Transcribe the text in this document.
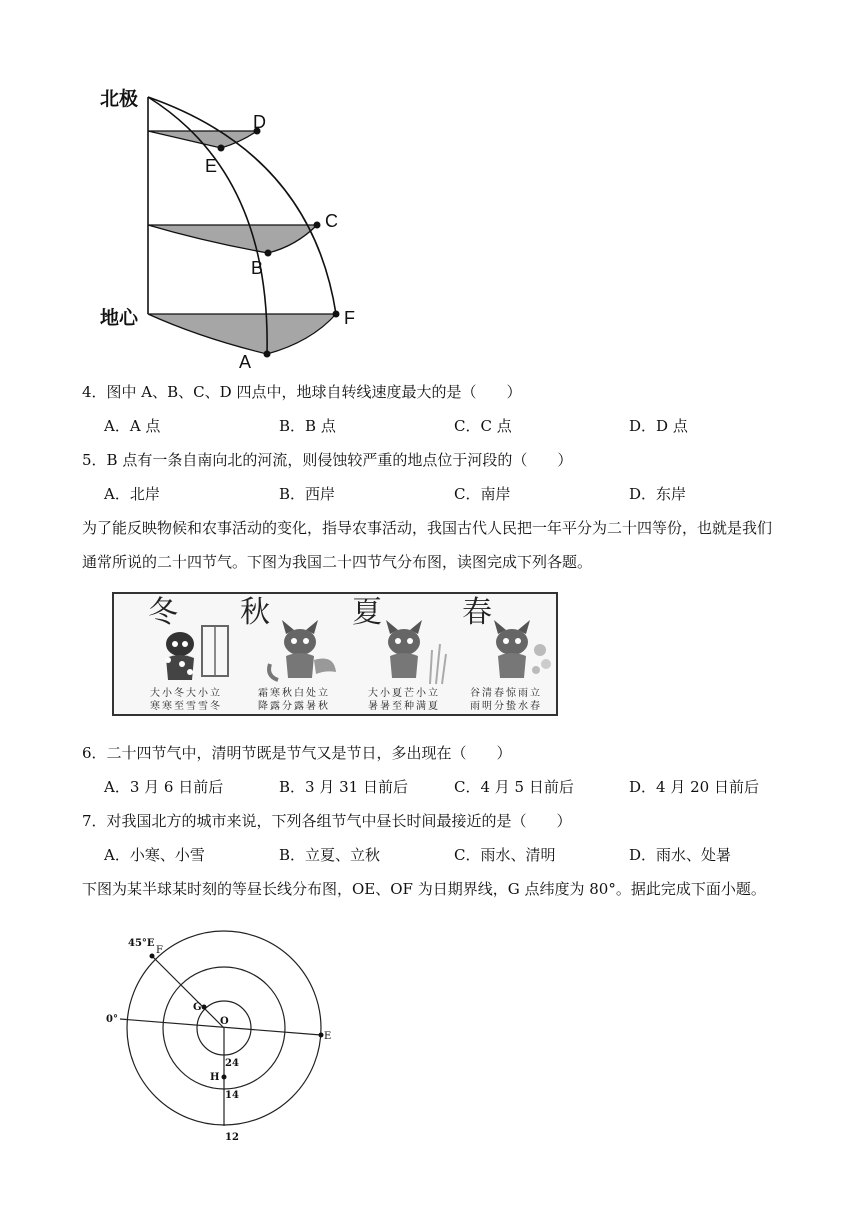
北极
地心
D
E
C
B
F
A
4．图中 A、B、C、D 四点中，地球自转线速度最大的是（　　）
A．A 点	B．B 点	C．C 点	D．D 点
5．B 点有一条自南向北的河流，则侵蚀较严重的地点位于河段的（　　）
A．北岸	B．西岸	C．南岸	D．东岸
为了能反映物候和农事活动的变化，指导农事活动，我国古代人民把一年平分为二十四等份，也就是我们
通常所说的二十四节气。下图为我国二十四节气分布图，读图完成下列各题。
冬 秋	夏	春
大小冬大小立
寒寒至雪雪冬
霜寒秋白处立
降露分露暑秋
大小夏芒小立
暑暑至种满夏
谷清春惊雨立
雨明分蛰水春
6．二十四节气中，清明节既是节气又是节日，多出现在（　　）
A．3 月 6 日前后	B．3 月 31 日前后	C．4 月 5 日前后	D．4 月 20 日前后
7．对我国北方的城市来说，下列各组节气中昼长时间最接近的是（　　）
A．小寒、小雪	B．立夏、立秋	C．雨水、清明	D．雨水、处暑
下图为某半球某时刻的等昼长线分布图，OE、OF 为日期界线，G 点纬度为 80°。据此完成下面小题。
45°E
F
0°
E
G
O
24
H
14
12
